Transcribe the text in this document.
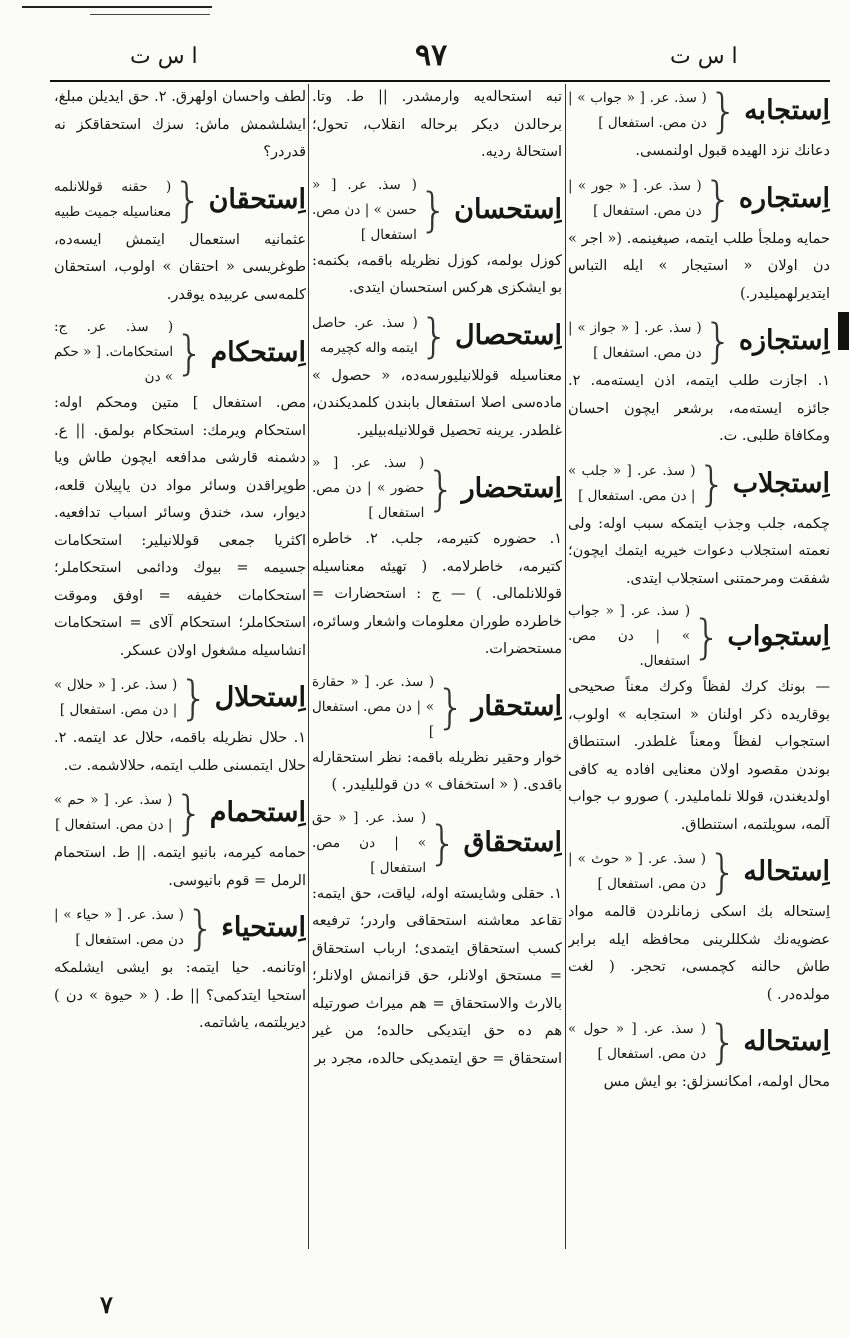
ا س ت	٩٧	ا س ت
اِستجابه
{
( سذ. عر. [ « جواب » | دن مص. استفعال ]
دعانك نزد الهیده قبول اولنمسی.
اِستجاره
{
( سذ. عر. [ « جور » | دن مص. استفعال ]
حمایه وملجأ طلب ایتمه، صیغینمه. (« اجر » دن اولان « استیجار » ایله التباس ایتدیرلهمیلیدر.)
اِستجازه
{
( سذ. عر. [ « جواز » | دن مص. استفعال ]
١. اجازت طلب ایتمه، اذن ایسته‌مه. ٢. جائزه ایسته‌مه، برشعر ایچون احسان ومکافاة طلبی. ت.
اِستجلاب
{
( سذ. عر. [ « جلب » | دن مص. استفعال ]
چکمه، جلب وجذب ایتمکه سبب اوله: ولی نعمته استجلاب دعوات خیریه ایتمك ایچون؛ شفقت ومرحمتنی استجلاب ایتدی.
اِستجواب
{
( سذ. عر. [ « جواب » | دن مص. استفعال.
— بونك كرك لفظاً وكرك معناً صحیحی بوقاریده ذکر اولنان « استجابه » اولوب، استجواب لفظاً ومعناً غلطدر. استنطاق بوندن مقصود اولان معنایی افاده یه کافی اولدیغندن، قوللا نلماملیدر. ) صورو ب جواب آلمه، سویلتمه، استنطاق.
اِستحاله
{
( سذ. عر. [ « حوث » | دن مص. استفعال ]
اِستحاله بك اسکی زمانلردن قالمه مواد عضویه‌نك شکللرینی محافظه ایله برابر طاش حالنه کچمسی، تحجر. ( لغت مولده‌در. )
اِستحاله
{
( سذ. عر. [ « حول » دن مص. استفعال ]
محال اولمه، امکانسزلق: بو ایش مس‌
تبه استحاله‌یه وارمشدر. || ط. وتا. برحالدن دیکر برحاله انقلاب، تحول؛ استحالهٔ ردیه.
اِستحسان
{
( سذ. عر. [ « حسن » | دن مص. استفعال ]
کوزل بولمه، کوزل نظریله باقمه، بکنمه: بو ایشکزی هرکس استحسان ایتدی.
اِستحصال
{
( سذ. عر. حاصل ایتمه واله کچیرمه
معناسیله قوللانیلیورسه‌ده، « حصول » ماده‌سی اصلا استفعال بابندن کلمدیکندن، غلطدر. یرینه تحصیل قوللانیله‌بیلیر.
اِستحضار
{
( سذ. عر. [ « حضور » | دن مص. استفعال ]
١. حضوره کتیرمه، جلب. ٢. خاطره کتیرمه، خاطرلامه. ( تهیئه معناسیله قوللانلمالی. ) — ج : استحضارات = خاطرده طوران معلومات واشعار وسائره، مستحضرات.
اِستحقار
{
( سذ. عر. [ « حقارة » | دن مص. استفعال ]
خوار وحقیر نظریله باقمه: نظر استحقارله باقدی. ( « استخفاف » دن قوللیلیدر. )
اِستحقاق
{
( سذ. عر. [ « حق » | دن مص. استفعال ]
١. حقلی وشایسته اوله، لیاقت، حق ایتمه: تقاعد معاشنه استحقاقی واردر؛ ترفیعه کسب استحقاق ایتمدی؛ ارباب استحقاق = مستحق اولانلر، حق قزانمش اولانلر؛ بالارث والاستحقاق = هم میراث صورتیله هم ده حق ایتدیکی حالده؛ من غیر استحقاق = حق ایتمدیکی حالده، مجرد بر
لطف واحسان اولهرق. ٢. حق ایدیلن مبلغ، ایشلشمش ماش: سزك استحقاقکز نه قدردر؟
اِستحقان
{
( حقنه قوللانلمه معناسیله جمیت طبیه
عثمانیه استعمال ایتمش ایسه‌ده، طوغریسی « احتقان » اولوب، استحقان کلمه‌سی عربیده یوقدر.
اِستحکام
{
( سذ. عر. ج: استحکامات. [ « حکم » دن
مص. استفعال ] متین ومحکم اوله: استحکام ویرمك: استحکام بولمق. || ع. دشمنه قارشی مدافعه ایچون طاش ویا طوپراقدن وسائر مواد دن یاپیلان قلعه، دیوار، سد، خندق وسائر اسباب تدافعیه. اکثریا جمعی قوللانیلیر: استحکامات جسیمه = بیوك ودائمی استحکاملر؛ استحکامات خفیفه = اوفق وموقت استحکاملر؛ استحکام آلای = استحکامات انشاسیله مشغول اولان عسکر.
اِستحلال
{
( سذ. عر. [ « حلال » | دن مص. استفعال ]
١. حلال نظریله باقمه، حلال عد ایتمه. ٢. حلال ایتمسنی طلب ایتمه، حلالاشمه. ت.
اِستحمام
{
( سذ. عر. [ « حم » | دن مص. استفعال ]
حمامه کیرمه، بانیو ایتمه. || ط. استحمام الرمل = قوم بانیوسی.
اِستحیاء
{
( سذ. عر. [ « حیاء » | دن مص. استفعال ]
اوتانمه. حیا ایتمه: بو ایشی ایشلمکه استحیا ایتدکمی؟ || ط. ( « حیوة » دن ) دیریلتمه، یاشاتمه.
٧
